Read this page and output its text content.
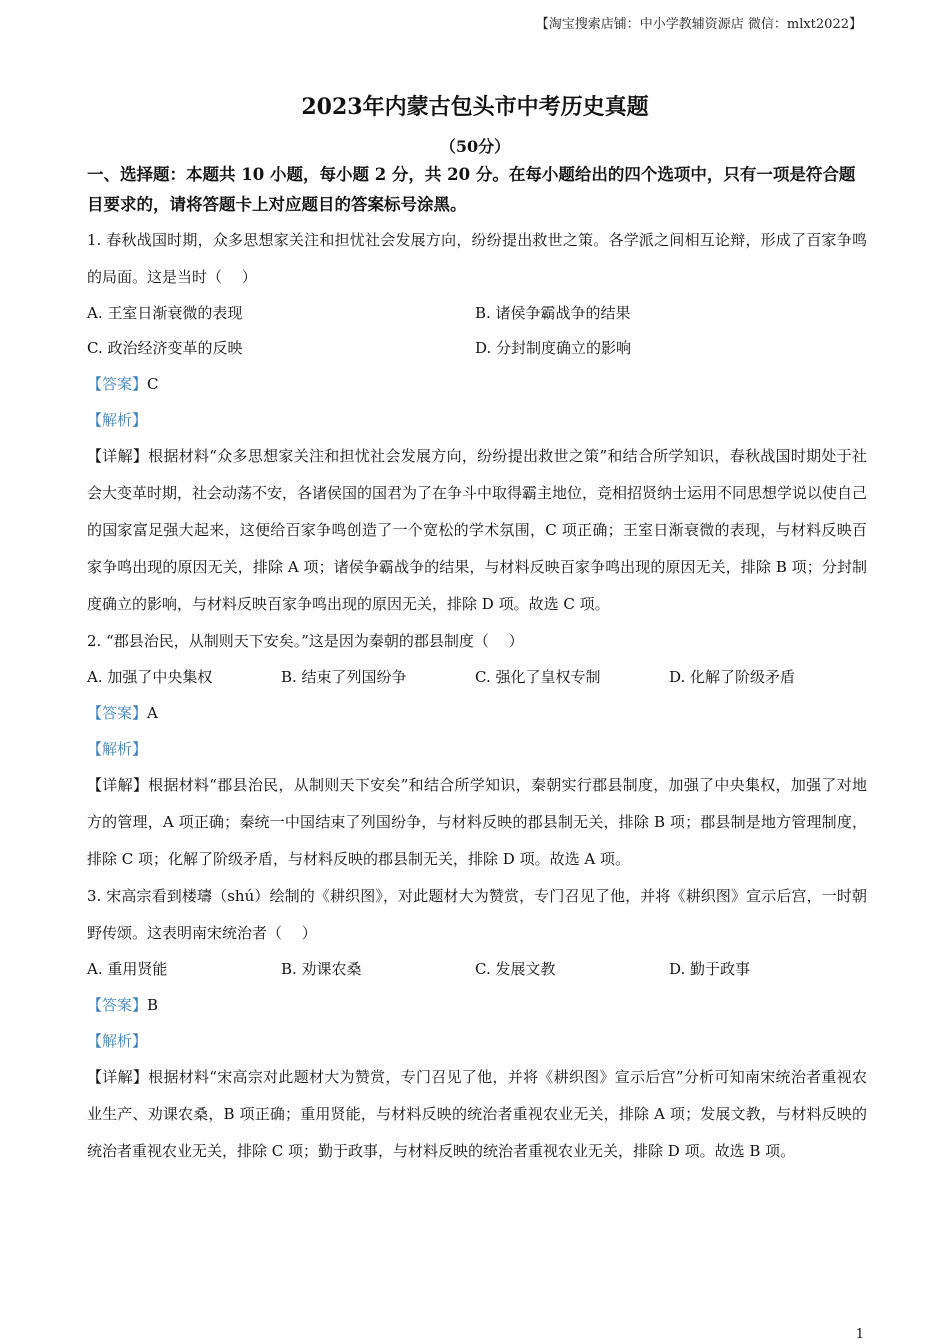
【淘宝搜索店铺：中小学教辅资源店 微信：mlxt2022】
2023年内蒙古包头市中考历史真题
（50分）
一、选择题：本题共 10 小题，每小题 2 分，共 20 分。在每小题给出的四个选项中，只有一项是符合题目要求的，请将答题卡上对应题目的答案标号涂黑。
1. 春秋战国时期，众多思想家关注和担忧社会发展方向，纷纷提出救世之策。各学派之间相互论辩，形成了百家争鸣的局面。这是当时（　 ）
A. 王室日渐衰微的表现	B. 诸侯争霸战争的结果
C. 政治经济变革的反映	D. 分封制度确立的影响
【答案】C
【解析】
【详解】根据材料“众多思想家关注和担忧社会发展方向，纷纷提出救世之策”和结合所学知识，春秋战国时期处于社会大变革时期，社会动荡不安，各诸侯国的国君为了在争斗中取得霸主地位，竞相招贤纳士运用不同思想学说以使自己的国家富足强大起来，这便给百家争鸣创造了一个宽松的学术氛围，C 项正确；王室日渐衰微的表现，与材料反映百家争鸣出现的原因无关，排除 A 项；诸侯争霸战争的结果，与材料反映百家争鸣出现的原因无关，排除 B 项；分封制度确立的影响，与材料反映百家争鸣出现的原因无关，排除 D 项。故选 C 项。
2. “郡县治民，从制则天下安矣。”这是因为秦朝的郡县制度（　 ）
A. 加强了中央集权	B. 结束了列国纷争	C. 强化了皇权专制	D. 化解了阶级矛盾
【答案】A
【解析】
【详解】根据材料“郡县治民，从制则天下安矣”和结合所学知识，秦朝实行郡县制度，加强了中央集权，加强了对地方的管理，A 项正确；秦统一中国结束了列国纷争，与材料反映的郡县制无关，排除 B 项；郡县制是地方管理制度，排除 C 项；化解了阶级矛盾，与材料反映的郡县制无关，排除 D 项。故选 A 项。
3. 宋高宗看到楼璹（shú）绘制的《耕织图》，对此题材大为赞赏，专门召见了他，并将《耕织图》宣示后宫，一时朝野传颂。这表明南宋统治者（　 ）
A. 重用贤能	B. 劝课农桑	C. 发展文教	D. 勤于政事
【答案】B
【解析】
【详解】根据材料“宋高宗对此题材大为赞赏，专门召见了他，并将《耕织图》宣示后宫”分析可知南宋统治者重视农业生产、劝课农桑，B 项正确；重用贤能，与材料反映的统治者重视农业无关，排除 A 项；发展文教，与材料反映的统治者重视农业无关，排除 C 项；勤于政事，与材料反映的统治者重视农业无关，排除 D 项。故选 B 项。
1
